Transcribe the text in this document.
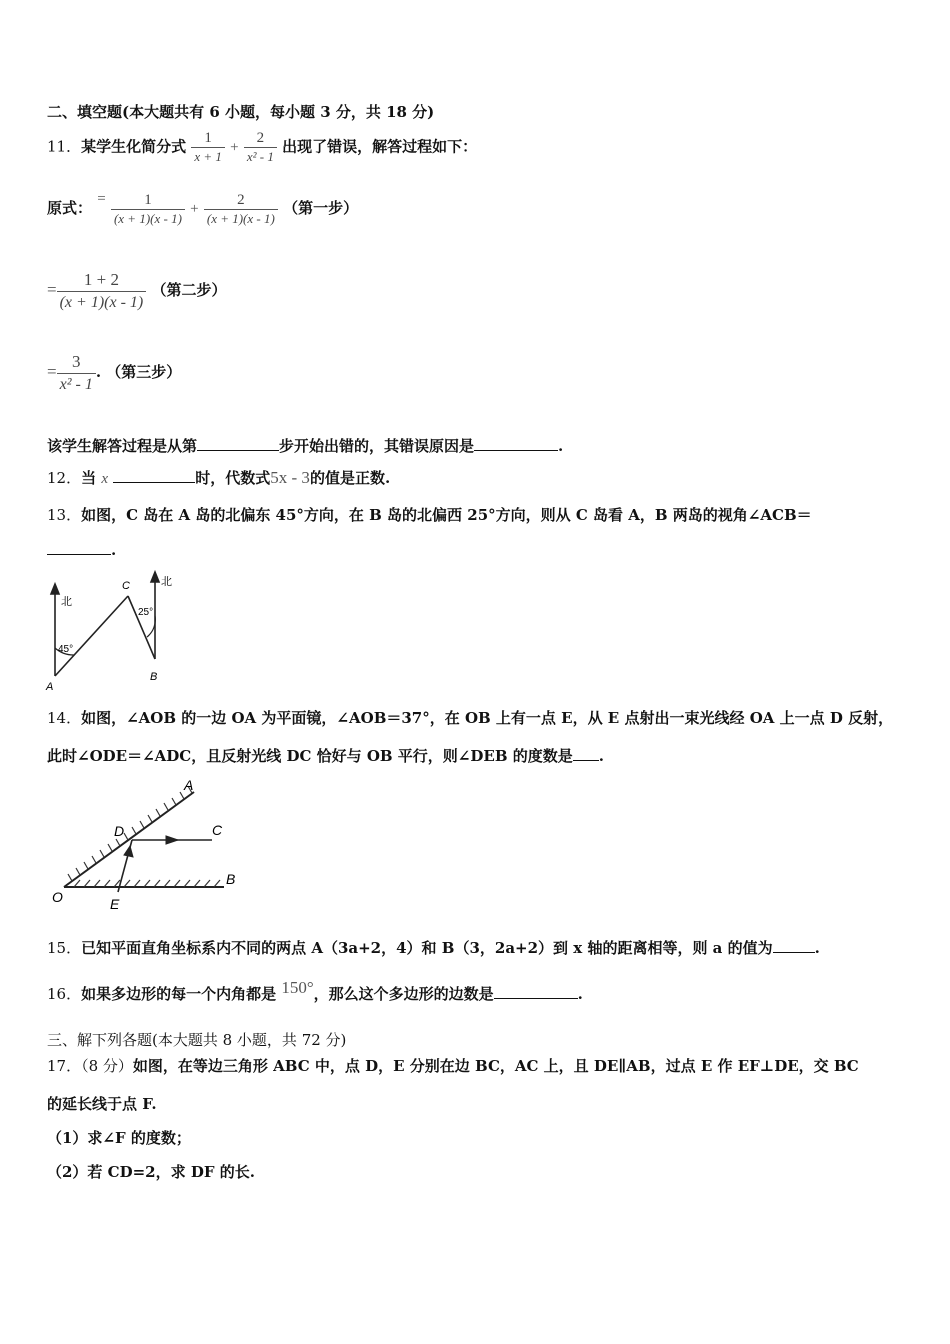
二、填空题(本大题共有 6 小题，每小题 3 分，共 18 分)
11．某学生化简分式 $\frac{1}{x + 1} + \frac{2}{\text{x² - 1}}$ 出现了错误，解答过程如下：
原式： = $\frac{1}{(x + 1)(x - 1)} + \frac{2}{(x + 1)(x - 1)}$ （第一步）
= $\frac{1 + 2}{(x + 1)(x - 1)}$ （第二步）
= $\frac{3}{\text{x² - 1}}$ . （第三步）
该学生解答过程是从第	步开始出错的，其错误原因是	.
12．当 x	时，代数式5x - 3的值是正数.
13．如图，C 岛在 A 岛的北偏东 45°方向，在 B 岛的北偏西 25°方向，则从 C 岛看 A，B 两岛的视角∠ACB＝
.
北
北
45°
25°
C
A
B
14．如图，∠AOB 的一边 OA 为平面镜，∠AOB＝37°，在 OB 上有一点 E，从 E 点射出一束光线经 OA 上一点 D 反射，
此时∠ODE＝∠ADC，且反射光线 DC 恰好与 OB 平行，则∠DEB 的度数是 .
A
C
D
B
O	E
15．已知平面直角坐标系内不同的两点 A（3a+2，4）和 B（3，2a+2）到 x 轴的距离相等，则 a 的值为	.
16．如果多边形的每一个内角都是 150°，那么这个多边形的边数是	.
三、解下列各题(本大题共 8 小题，共 72 分)
17．（8 分）如图，在等边三角形 ABC 中，点 D，E 分别在边 BC，AC 上，且 DE∥AB，过点 E 作 EF⊥DE，交 BC
的延长线于点 F.
（1）求∠F 的度数；
（2）若 CD=2，求 DF 的长.
